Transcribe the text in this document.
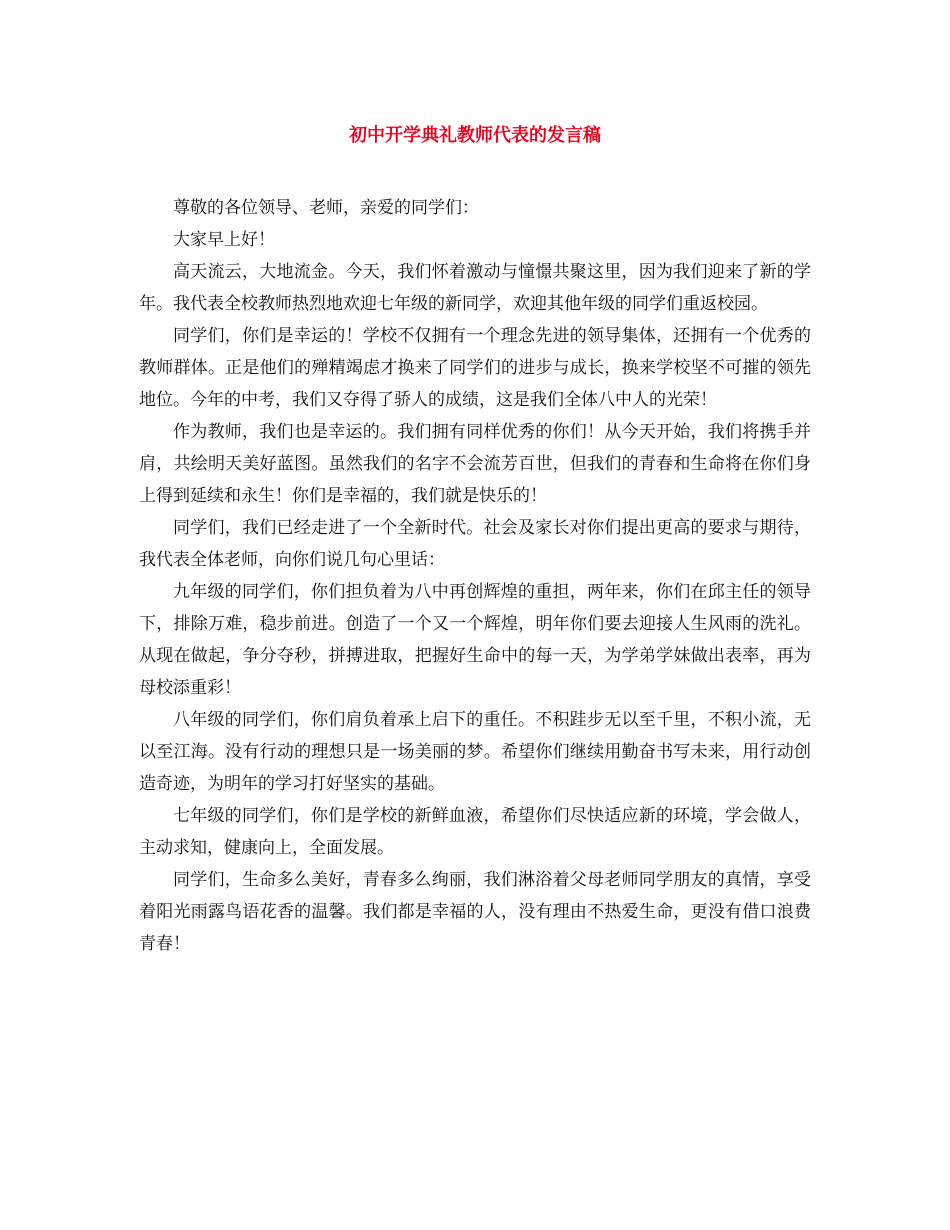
初中开学典礼教师代表的发言稿

尊敬的各位领导、老师，亲爱的同学们：

大家早上好！

高天流云，大地流金。今天，我们怀着激动与憧憬共聚这里，因为我们迎来了新的学年。我代表全校教师热烈地欢迎七年级的新同学，欢迎其他年级的同学们重返校园。

同学们，你们是幸运的！学校不仅拥有一个理念先进的领导集体，还拥有一个优秀的教师群体。正是他们的殚精竭虑才换来了同学们的进步与成长，换来学校坚不可摧的领先地位。今年的中考，我们又夺得了骄人的成绩，这是我们全体八中人的光荣！

作为教师，我们也是幸运的。我们拥有同样优秀的你们！从今天开始，我们将携手并肩，共绘明天美好蓝图。虽然我们的名字不会流芳百世，但我们的青春和生命将在你们身上得到延续和永生！你们是幸福的，我们就是快乐的！

同学们，我们已经走进了一个全新时代。社会及家长对你们提出更高的要求与期待，我代表全体老师，向你们说几句心里话：

九年级的同学们，你们担负着为八中再创辉煌的重担，两年来，你们在邱主任的领导下，排除万难，稳步前进。创造了一个又一个辉煌，明年你们要去迎接人生风雨的洗礼。从现在做起，争分夺秒，拼搏进取，把握好生命中的每一天，为学弟学妹做出表率，再为母校添重彩！

八年级的同学们，你们肩负着承上启下的重任。不积跬步无以至千里，不积小流，无以至江海。没有行动的理想只是一场美丽的梦。希望你们继续用勤奋书写未来，用行动创造奇迹，为明年的学习打好坚实的基础。

七年级的同学们，你们是学校的新鲜血液，希望你们尽快适应新的环境，学会做人，主动求知，健康向上，全面发展。

同学们，生命多么美好，青春多么绚丽，我们淋浴着父母老师同学朋友的真情，享受着阳光雨露鸟语花香的温馨。我们都是幸福的人，没有理由不热爱生命，更没有借口浪费青春！
